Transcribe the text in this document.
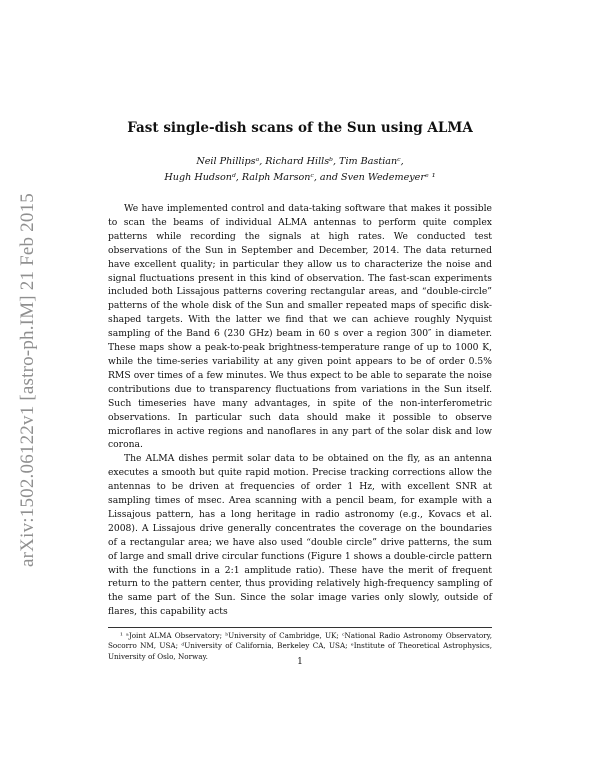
arXiv:1502.06122v1 [astro-ph.IM] 21 Feb 2015
Fast single-dish scans of the Sun using ALMA
Neil Phillipsᵃ, Richard Hillsᵇ, Tim Bastianᶜ,
Hugh Hudsonᵈ, Ralph Marsonᶜ, and Sven Wedemeyerᵉ ¹

We have implemented control and data-taking software that makes it possible to scan the beams of individual ALMA antennas to perform quite complex patterns while recording the signals at high rates. We conducted test observations of the Sun in September and December, 2014. The data returned have excellent quality; in particular they allow us to characterize the noise and signal fluctuations present in this kind of observation. The fast-scan experiments included both Lissajous patterns covering rectangular areas, and “double-circle” patterns of the whole disk of the Sun and smaller repeated maps of specific disk-shaped targets. With the latter we find that we can achieve roughly Nyquist sampling of the Band 6 (230 GHz) beam in 60 s over a region 300″ in diameter. These maps show a peak-to-peak brightness-temperature range of up to 1000 K, while the time-series variability at any given point appears to be of order 0.5% RMS over times of a few minutes. We thus expect to be able to separate the noise contributions due to transparency fluctuations from variations in the Sun itself. Such timeseries have many advantages, in spite of the non-interferometric observations. In particular such data should make it possible to observe microflares in active regions and nanoflares in any part of the solar disk and low corona.

The ALMA dishes permit solar data to be obtained on the fly, as an antenna executes a smooth but quite rapid motion. Precise tracking corrections allow the antennas to be driven at frequencies of order 1 Hz, with excellent SNR at sampling times of msec. Area scanning with a pencil beam, for example with a Lissajous pattern, has a long heritage in radio astronomy (e.g., Kovacs et al. 2008). A Lissajous drive generally concentrates the coverage on the boundaries of a rectangular area; we have also used “double circle” drive patterns, the sum of large and small drive circular functions (Figure 1 shows a double-circle pattern with the functions in a 2:1 amplitude ratio). These have the merit of frequent return to the pattern center, thus providing relatively high-frequency sampling of the same part of the Sun. Since the solar image varies only slowly, outside of flares, this capability acts

¹ ᵃJoint ALMA Observatory; ᵇUniversity of Cambridge, UK; ᶜNational Radio Astronomy Observatory, Socorro NM, USA; ᵈUniversity of California, Berkeley CA, USA; ᵉInstitute of Theoretical Astrophysics, University of Oslo, Norway.

1
